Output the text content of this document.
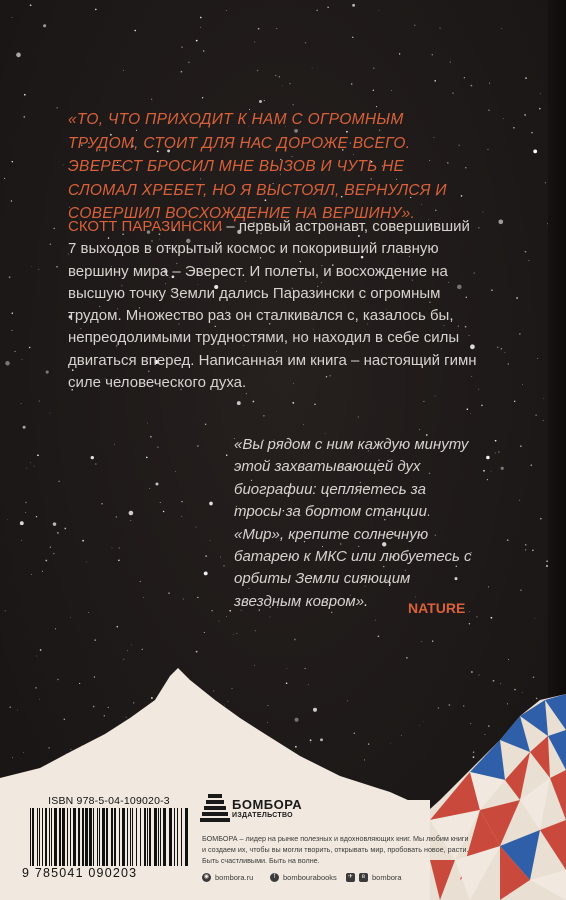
«ТО, ЧТО ПРИХОДИТ К НАМ С ОГРОМНЫМ ТРУДОМ, СТОИТ ДЛЯ НАС ДОРОЖЕ ВСЕГО. ЭВЕРЕСТ БРОСИЛ МНЕ ВЫЗОВ И ЧУТЬ НЕ СЛОМАЛ ХРЕБЕТ, НО Я ВЫСТОЯЛ, ВЕРНУЛСЯ И СОВЕРШИЛ ВОСХОЖДЕНИЕ НА ВЕРШИНУ».
СКОТТ ПАРАЗИНСКИ – первый астронавт, совершивший 7 выходов в открытый космос и покоривший главную вершину мира – Эверест. И полеты, и восхождение на высшую точку Земли дались Паразински с огромным трудом. Множество раз он сталкивался с, казалось бы, непреодолимыми трудностями, но находил в себе силы двигаться вперед. Написанная им книга – настоящий гимн силе человеческого духа.
«Вы рядом с ним каждую минуту этой захватывающей дух биографии: цепляетесь за тросы за бортом станции «Мир», крепите солнечную батарею к МКС или любуетесь с орбиты Земли сияющим звездным ковром».	NATURE
ISBN 978-5-04-109020-3
9 785041 090203
БОМБОРА
ИЗДАТЕЛЬСТВО
БОМБОРА – лидер на рынке полезных и вдохновляющих книг. Мы любим книги и создаем их, чтобы вы могли творить, открывать мир, пробовать новое, расти. Быть счастливыми. Быть на волне.
◉ bombora.ru	f	bombourabooks	✈	в bombora
